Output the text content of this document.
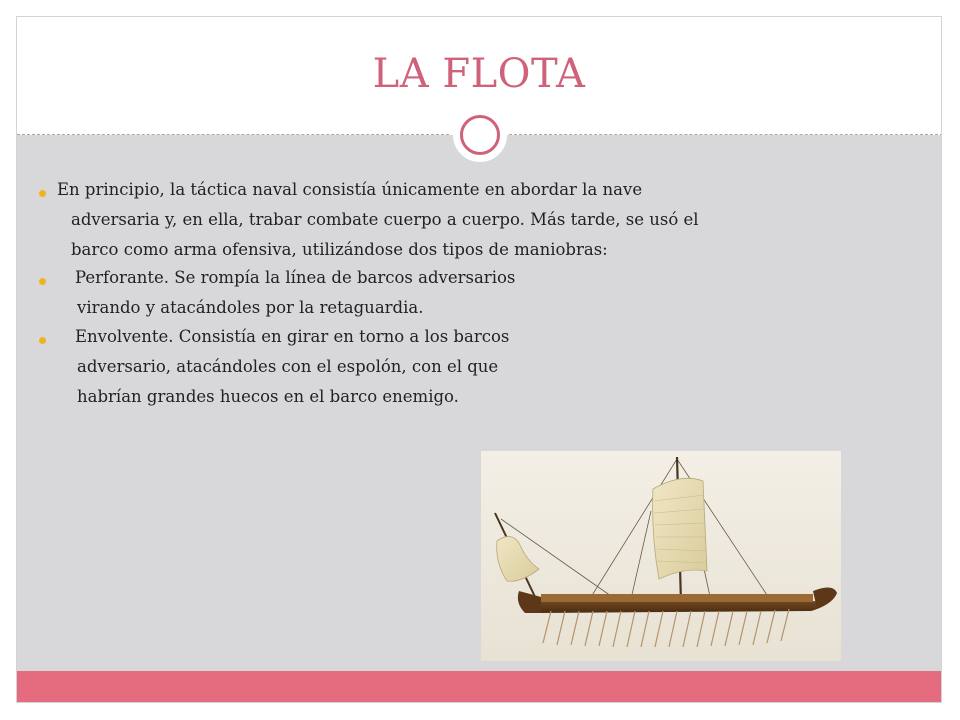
LA FLOTA
En principio, la táctica naval consistía únicamente en abordar la nave
adversaria y, en ella, trabar combate cuerpo a cuerpo. Más tarde, se usó el
barco como arma ofensiva, utilizándose dos tipos de maniobras:
Perforante. Se rompía la línea de barcos adversarios
virando y atacándoles por la retaguardia.
Envolvente. Consistía en girar en torno a los barcos
adversario, atacándoles con el espolón, con el que
habrían grandes huecos en el barco enemigo.
